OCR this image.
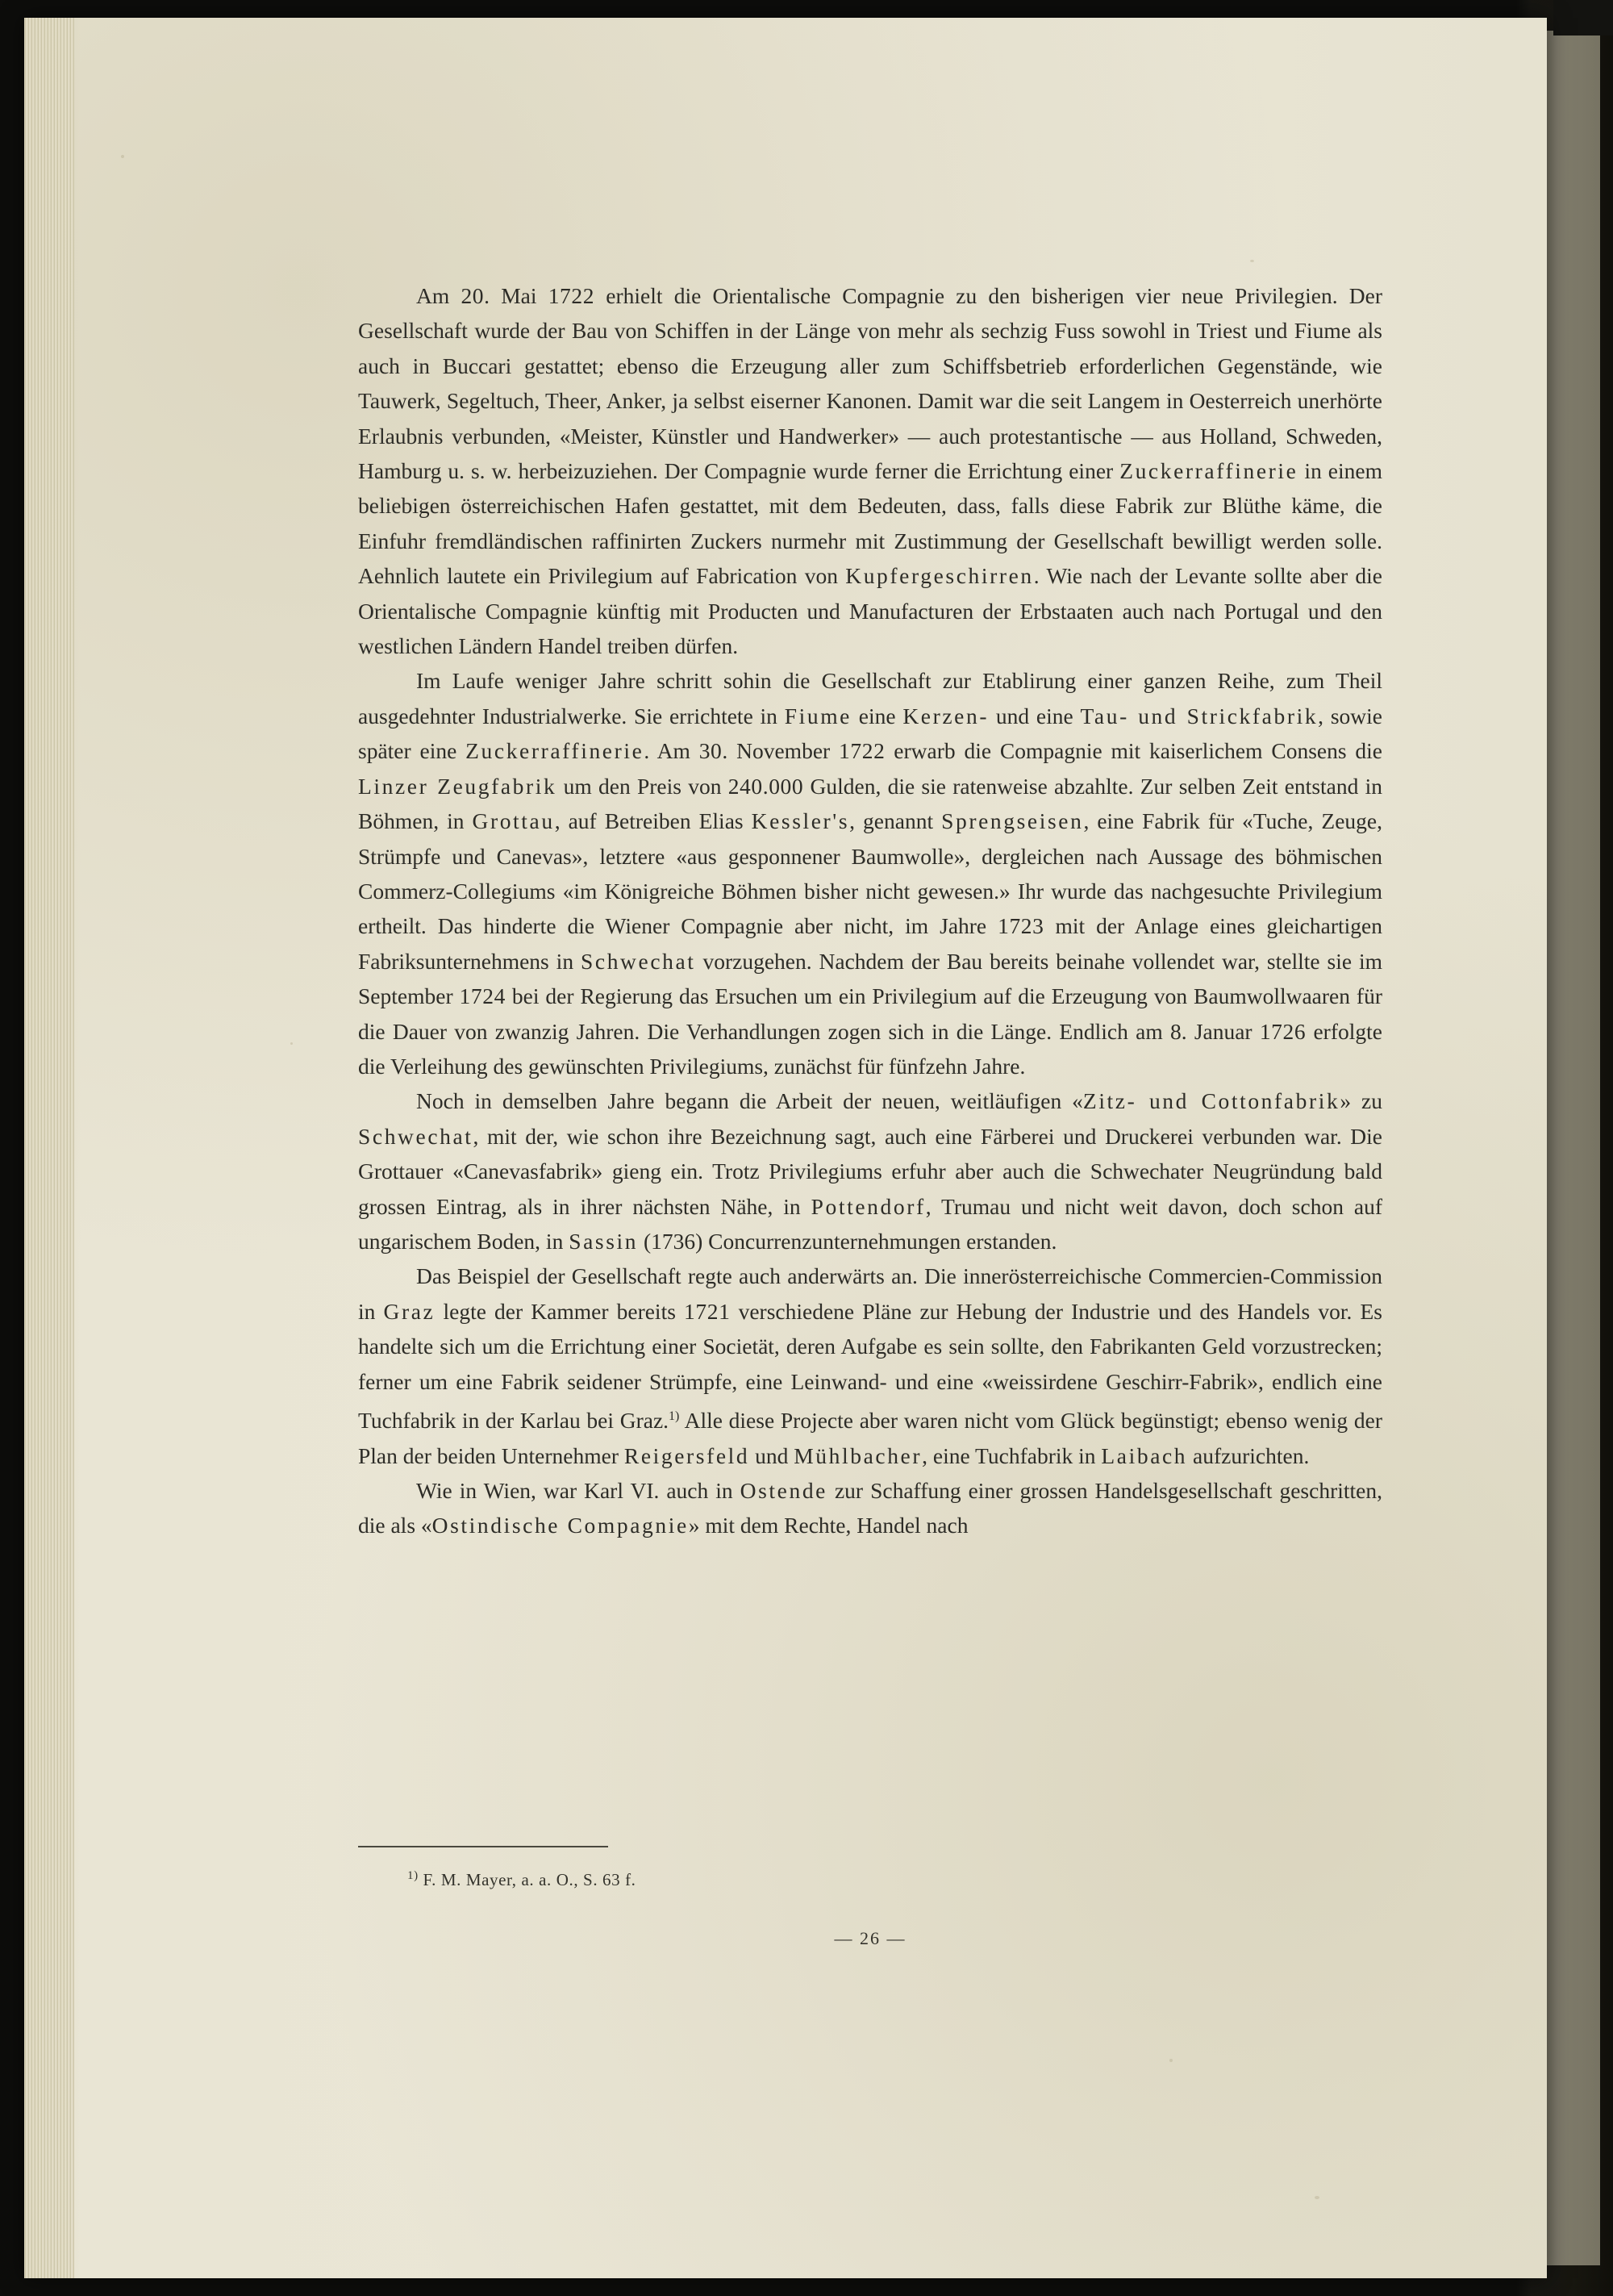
Am 20. Mai 1722 erhielt die Orientalische Compagnie zu den bisherigen vier neue Privilegien. Der Gesellschaft wurde der Bau von Schiffen in der Länge von mehr als sechzig Fuss sowohl in Triest und Fiume als auch in Buccari gestattet; ebenso die Erzeugung aller zum Schiffsbetrieb erforderlichen Gegenstände, wie Tauwerk, Segeltuch, Theer, Anker, ja selbst eiserner Kanonen. Damit war die seit Langem in Oesterreich unerhörte Erlaubnis verbunden, «Meister, Künstler und Handwerker» — auch protestantische — aus Holland, Schweden, Hamburg u. s. w. herbeizuziehen. Der Compagnie wurde ferner die Errichtung einer Zuckerraffinerie in einem beliebigen österreichischen Hafen gestattet, mit dem Bedeuten, dass, falls diese Fabrik zur Blüthe käme, die Einfuhr fremdländischen raffinirten Zuckers nurmehr mit Zustimmung der Gesellschaft bewilligt werden solle. Aehnlich lautete ein Privilegium auf Fabrication von Kupfergeschirren. Wie nach der Levante sollte aber die Orientalische Compagnie künftig mit Producten und Manufacturen der Erbstaaten auch nach Portugal und den westlichen Ländern Handel treiben dürfen.

Im Laufe weniger Jahre schritt sohin die Gesellschaft zur Etablirung einer ganzen Reihe, zum Theil ausgedehnter Industrialwerke. Sie errichtete in Fiume eine Kerzen- und eine Tau- und Strickfabrik, sowie später eine Zuckerraffinerie. Am 30. November 1722 erwarb die Compagnie mit kaiserlichem Consens die Linzer Zeugfabrik um den Preis von 240.000 Gulden, die sie ratenweise abzahlte. Zur selben Zeit entstand in Böhmen, in Grottau, auf Betreiben Elias Kessler's, genannt Sprengseisen, eine Fabrik für «Tuche, Zeuge, Strümpfe und Canevas», letztere «aus gesponnener Baumwolle», dergleichen nach Aussage des böhmischen Commerz-Collegiums «im Königreiche Böhmen bisher nicht gewesen.» Ihr wurde das nachgesuchte Privilegium ertheilt. Das hinderte die Wiener Compagnie aber nicht, im Jahre 1723 mit der Anlage eines gleichartigen Fabriksunternehmens in Schwechat vorzugehen. Nachdem der Bau bereits beinahe vollendet war, stellte sie im September 1724 bei der Regierung das Ersuchen um ein Privilegium auf die Erzeugung von Baumwollwaaren für die Dauer von zwanzig Jahren. Die Verhandlungen zogen sich in die Länge. Endlich am 8. Januar 1726 erfolgte die Verleihung des gewünschten Privilegiums, zunächst für fünfzehn Jahre.

Noch in demselben Jahre begann die Arbeit der neuen, weitläufigen «Zitz- und Cottonfabrik» zu Schwechat, mit der, wie schon ihre Bezeichnung sagt, auch eine Färberei und Druckerei verbunden war. Die Grottauer «Canevasfabrik» gieng ein. Trotz Privilegiums erfuhr aber auch die Schwechater Neugründung bald grossen Eintrag, als in ihrer nächsten Nähe, in Pottendorf, Trumau und nicht weit davon, doch schon auf ungarischem Boden, in Sassin (1736) Concurrenzunternehmungen erstanden.

Das Beispiel der Gesellschaft regte auch anderwärts an. Die innerösterreichische Commercien-Commission in Graz legte der Kammer bereits 1721 verschiedene Pläne zur Hebung der Industrie und des Handels vor. Es handelte sich um die Errichtung einer Societät, deren Aufgabe es sein sollte, den Fabrikanten Geld vorzustrecken; ferner um eine Fabrik seidener Strümpfe, eine Leinwand- und eine «weissirdene Geschirr-Fabrik», endlich eine Tuchfabrik in der Karlau bei Graz.$^{1)}$ Alle diese Projecte aber waren nicht vom Glück begünstigt; ebenso wenig der Plan der beiden Unternehmer Reigersfeld und Mühlbacher, eine Tuchfabrik in Laibach aufzurichten.

Wie in Wien, war Karl VI. auch in Ostende zur Schaffung einer grossen Handelsgesellschaft geschritten, die als «Ostindische Compagnie» mit dem Rechte, Handel nach

$^{1)}$ F. M. Mayer, a. a. O., S. 63 f.
— 26 —
